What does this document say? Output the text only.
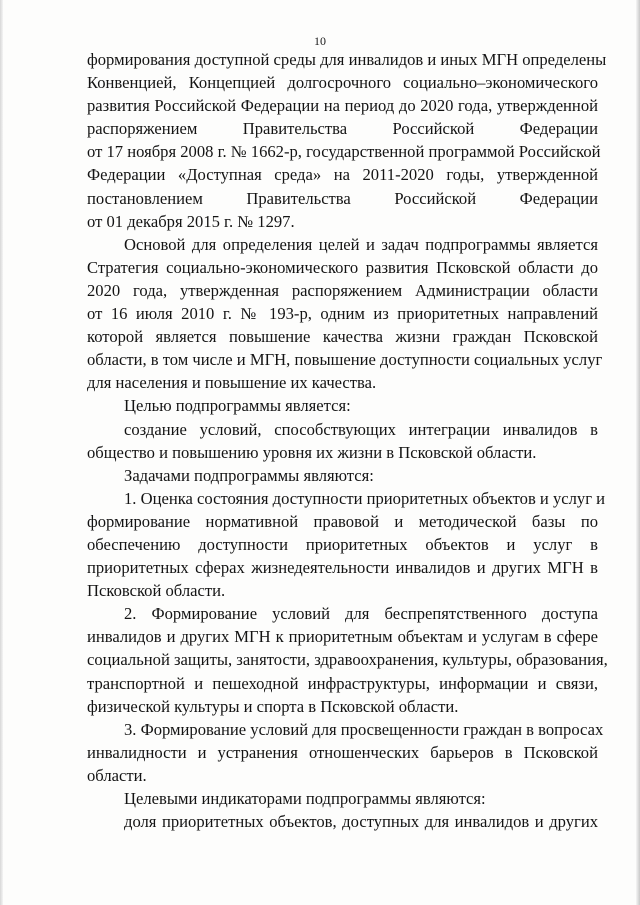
10

формирования доступной среды для инвалидов и иных МГН определены
Конвенцией, Концепцией долгосрочного социально–экономического
развития Российской Федерации на период до 2020 года, утвержденной
распоряжением Правительства Российской Федерации
от 17 ноября 2008 г. № 1662-р, государственной программой Российской
Федерации «Доступная среда» на 2011-2020 годы, утвержденной
постановлением Правительства Российской Федерации
от 01 декабря 2015 г. № 1297.
Основой для определения целей и задач подпрограммы является
Стратегия социально-экономического развития Псковской области до
2020 года, утвержденная распоряжением Администрации области
от 16 июля 2010 г. № 193-р, одним из приоритетных направлений
которой является повышение качества жизни граждан Псковской
области, в том числе и МГН, повышение доступности социальных услуг
для населения и повышение их качества.
Целью подпрограммы является:
создание условий, способствующих интеграции инвалидов в
общество и повышению уровня их жизни в Псковской области.
Задачами подпрограммы являются:
1. Оценка состояния доступности приоритетных объектов и услуг и
формирование нормативной правовой и методической базы по
обеспечению доступности приоритетных объектов и услуг в
приоритетных сферах жизнедеятельности инвалидов и других МГН в
Псковской области.
2. Формирование условий для беспрепятственного доступа
инвалидов и других МГН к приоритетным объектам и услугам в сфере
социальной защиты, занятости, здравоохранения, культуры, образования,
транспортной и пешеходной инфраструктуры, информации и связи,
физической культуры и спорта в Псковской области.
3. Формирование условий для просвещенности граждан в вопросах
инвалидности и устранения отношенческих барьеров в Псковской
области.
Целевыми индикаторами подпрограммы являются:
доля приоритетных объектов, доступных для инвалидов и других
